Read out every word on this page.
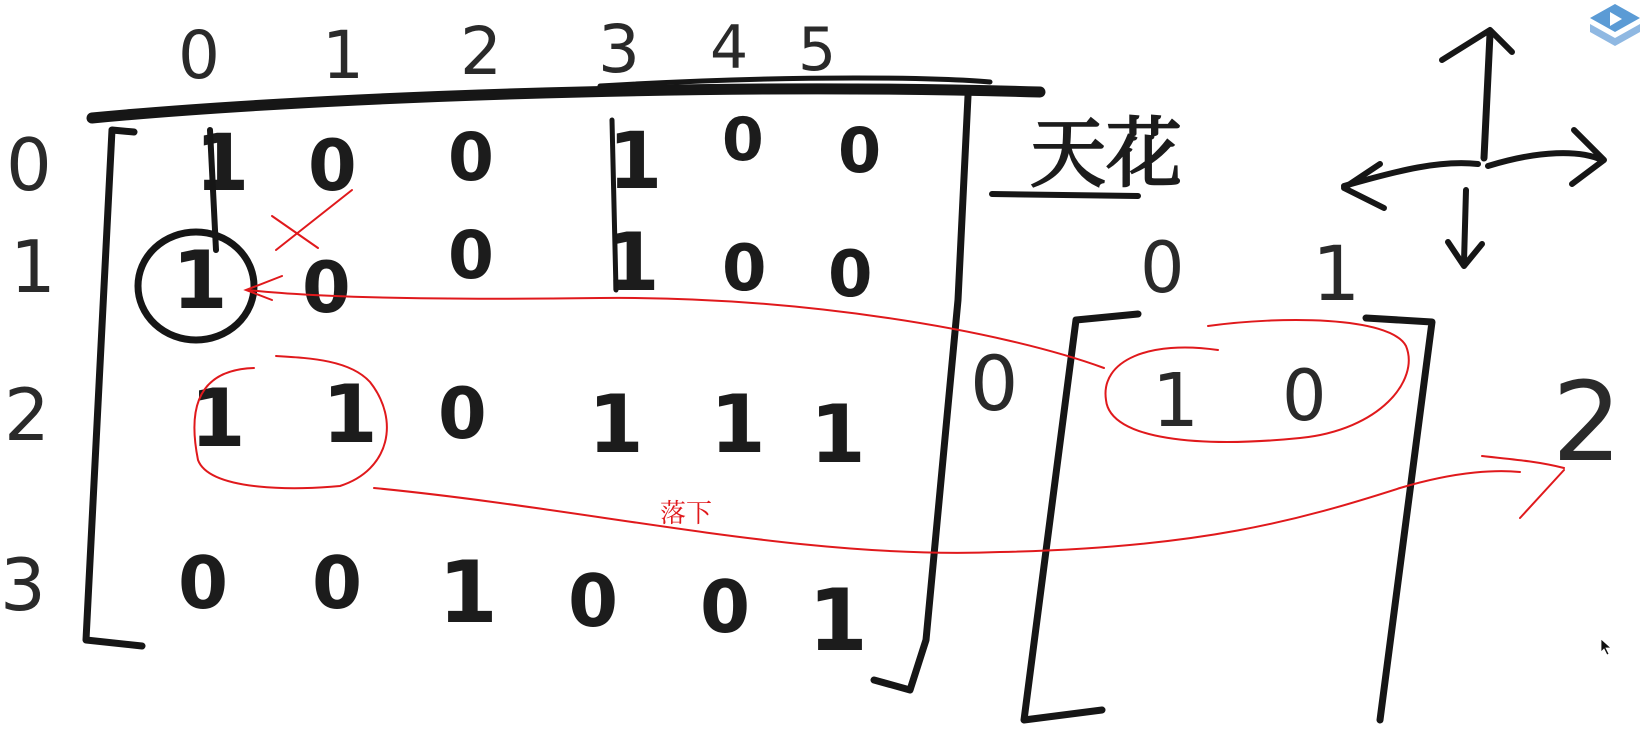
0 1 2 3 4 5
0
1
2
3
1 0 0 1 0 0
1 0 0 1 0 0
1 1 0 1 1 1
0 0 1 0 0 1
天花
0 1
0 1 0 2
落下
